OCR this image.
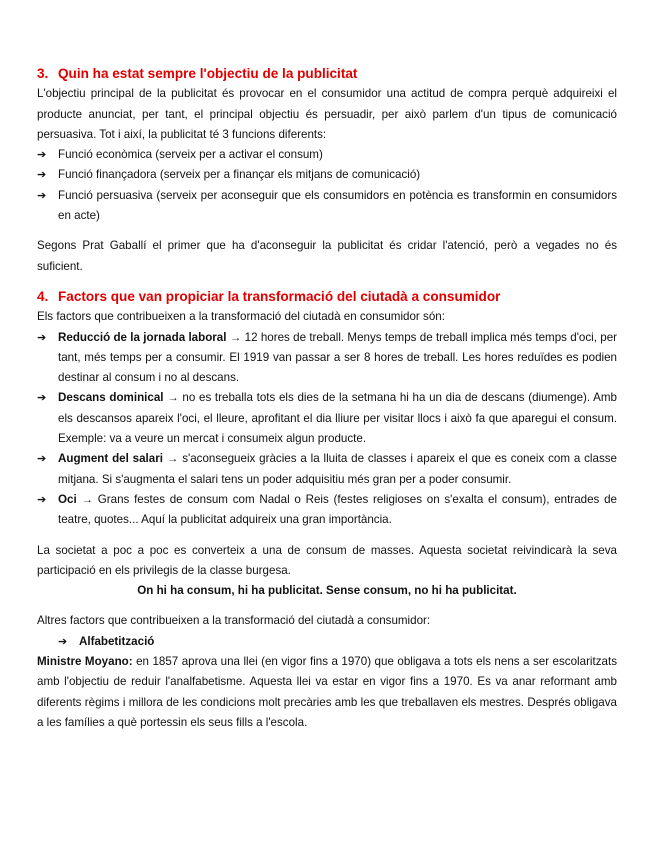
3. Quin ha estat sempre l'objectiu de la publicitat

L'objectiu principal de la publicitat és provocar en el consumidor una actitud de compra perquè adquireixi el producte anunciat, per tant, el principal objectiu és persuadir, per això parlem d'un tipus de comunicació persuasiva. Tot i així, la publicitat té 3 funcions diferents:

➔ Funció econòmica (serveix per a activar el consum)
➔ Funció finançadora (serveix per a finançar els mitjans de comunicació)
➔ Funció persuasiva (serveix per aconseguir que els consumidors en potència es transformin en consumidors en acte)

Segons Prat Gaballí el primer que ha d'aconseguir la publicitat és cridar l'atenció, però a vegades no és suficient.

4. Factors que van propiciar la transformació del ciutadà a consumidor

Els factors que contribueixen a la transformació del ciutadà en consumidor són:

➔ Reducció de la jornada laboral → 12 hores de treball. Menys temps de treball implica més temps d'oci, per tant, més temps per a consumir. El 1919 van passar a ser 8 hores de treball. Les hores reduïdes es podien destinar al consum i no al descans.
➔ Descans dominical → no es treballa tots els dies de la setmana hi ha un dia de descans (diumenge). Amb els descansos apareix l'oci, el lleure, aprofitant el dia lliure per visitar llocs i això fa que aparegui el consum. Exemple: va a veure un mercat i consumeix algun producte.
➔ Augment del salari → s'aconsegueix gràcies a la lluita de classes i apareix el que es coneix com a classe mitjana. Si s'augmenta el salari tens un poder adquisitiu més gran per a poder consumir.
➔ Oci → Grans festes de consum com Nadal o Reis (festes religioses on s'exalta el consum), entrades de teatre, quotes... Aquí la publicitat adquireix una gran importància.

La societat a poc a poc es converteix a una de consum de masses. Aquesta societat reivindicarà la seva participació en els privilegis de la classe burgesa.

On hi ha consum, hi ha publicitat. Sense consum, no hi ha publicitat.

Altres factors que contribueixen a la transformació del ciutadà a consumidor:

➔ Alfabetització

Ministre Moyano: en 1857 aprova una llei (en vigor fins a 1970) que obligava a tots els nens a ser escolaritzats amb l'objectiu de reduir l'analfabetisme. Aquesta llei va estar en vigor fins a 1970. Es va anar reformant amb diferents règims i millora de les condicions molt precàries amb les que treballaven els mestres. Després obligava a les famílies a què portessin els seus fills a l'escola.
